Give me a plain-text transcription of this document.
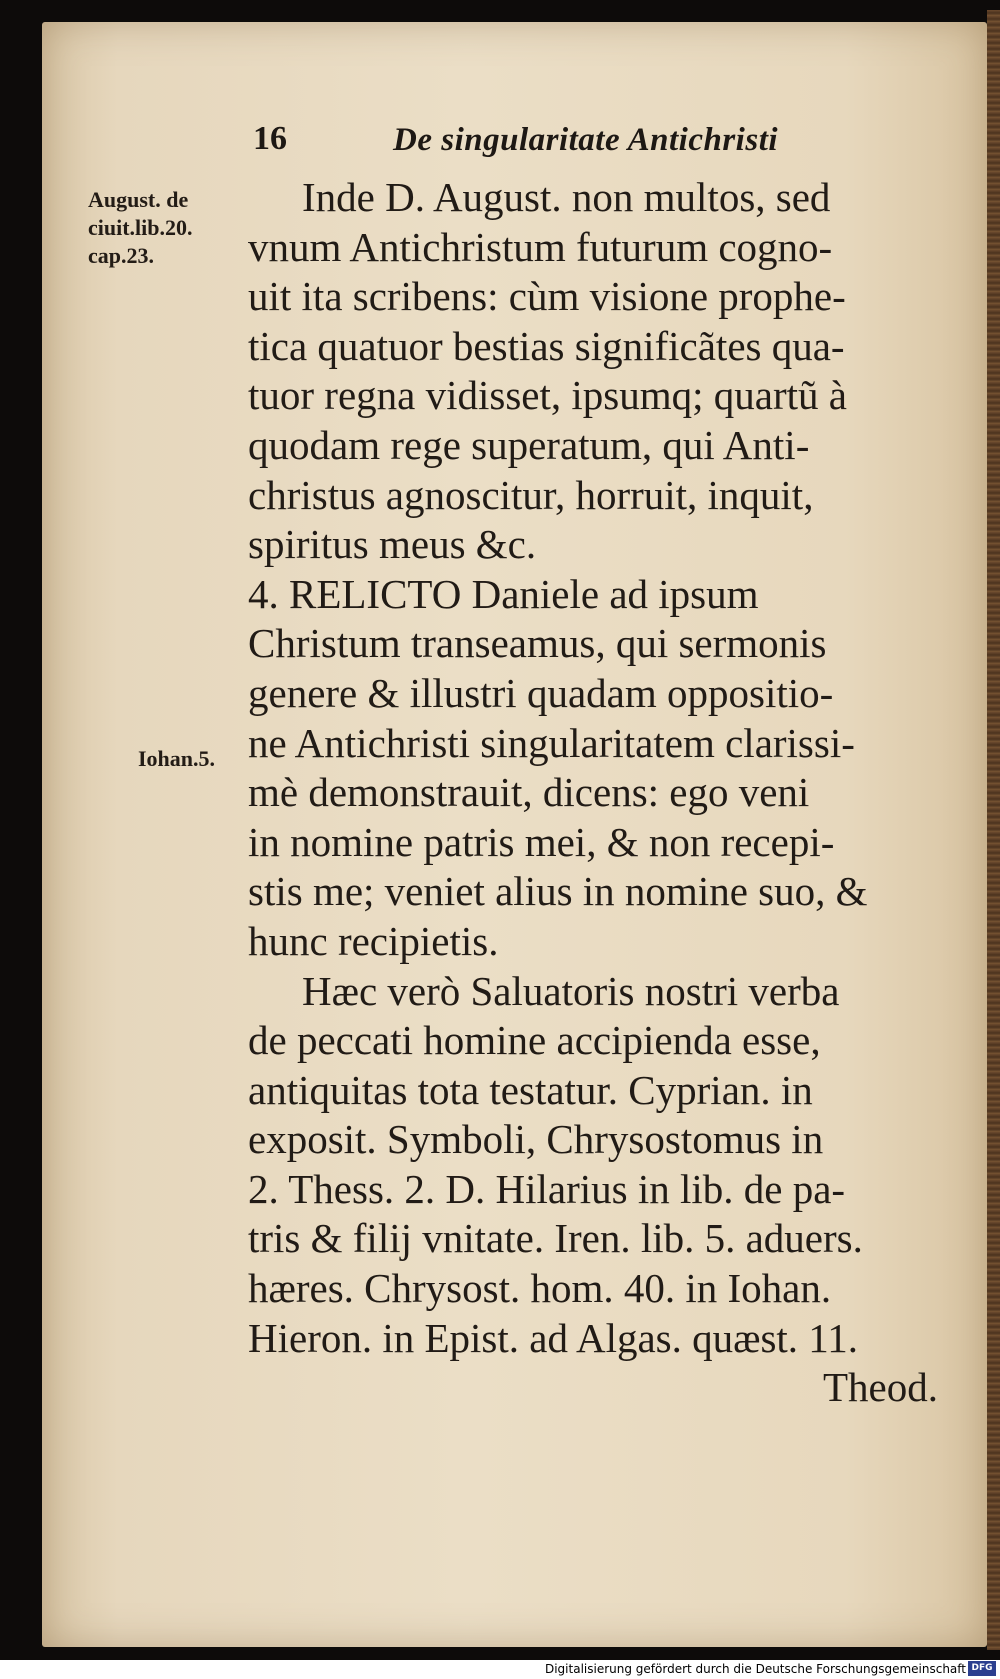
16	De singularitate Antichristi
August. de
ciuit.lib.20.
cap.23.
Iohan.5.
Inde D. August. non multos, sed
vnum Antichristum futurum cogno-
uit ita scribens: cùm visione prophe-
tica quatuor bestias significãtes qua-
tuor regna vidisset, ipsumq; quartũ à
quodam rege superatum, qui Anti-
christus agnoscitur, horruit, inquit,
spiritus meus &c.
4. RELICTO Daniele ad ipsum
Christum transeamus, qui sermonis
genere & illustri quadam oppositio-
ne Antichristi singularitatem clarissi-
mè demonstrauit, dicens: ego veni
in nomine patris mei, & non recepi-
stis me; veniet alius in nomine suo, &
hunc recipietis.
Hæc verò Saluatoris nostri verba
de peccati homine accipienda esse,
antiquitas tota testatur. Cyprian. in
exposit. Symboli, Chrysostomus in
2. Thess. 2. D. Hilarius in lib. de pa-
tris & filij vnitate. Iren. lib. 5. aduers.
hæres. Chrysost. hom. 40. in Iohan.
Hieron. in Epist. ad Algas. quæst. 11.
Theod.
Digitalisierung gefördert durch die Deutsche Forschungsgemeinschaft DFG
